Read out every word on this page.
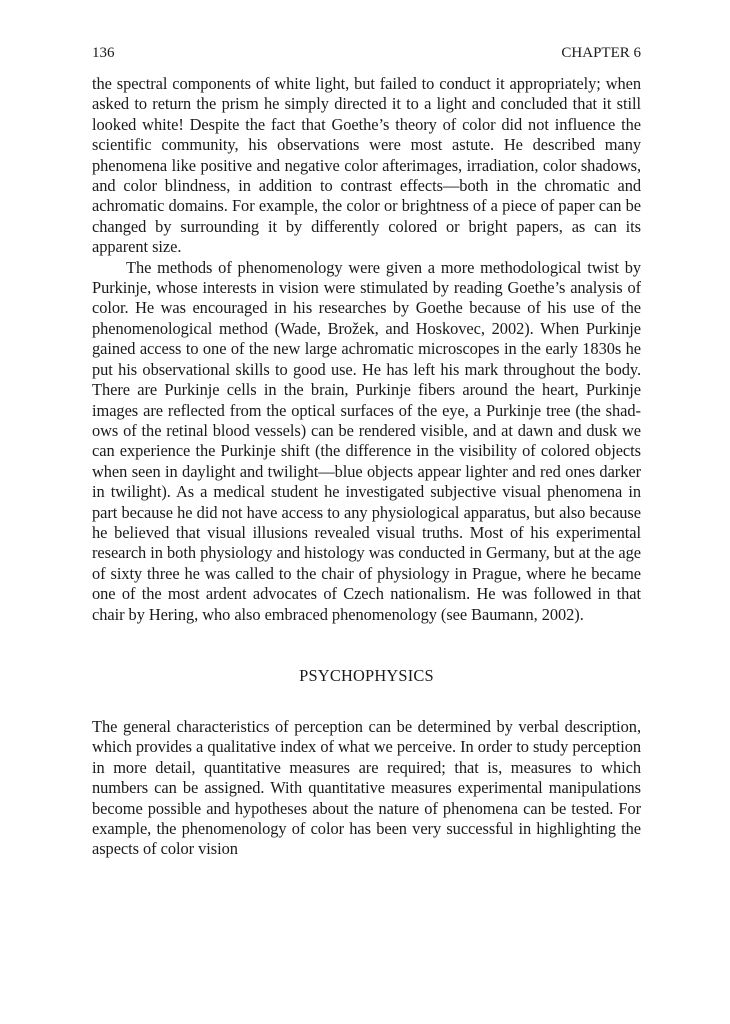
136	CHAPTER 6

the spectral components of white light, but failed to conduct it appropriately; when asked to return the prism he simply directed it to a light and concluded that it still looked white! Despite the fact that Goethe’s theory of color did not influence the scientific community, his observations were most astute. He described many phenomena like positive and negative color afterimages, irradiation, color shadows, and color blindness, in addition to contrast effects—both in the chromatic and achromatic domains. For example, the color or brightness of a piece of paper can be changed by surrounding it by differently colored or bright papers, as can its apparent size.

The methods of phenomenology were given a more methodological twist by Purkinje, whose interests in vision were stimulated by reading Goethe’s analysis of color. He was encouraged in his researches by Goethe because of his use of the phenomenological method (Wade, Brožek, and Hoskovec, 2002). When Purkinje gained access to one of the new large achromatic microscopes in the early 1830s he put his observational skills to good use. He has left his mark throughout the body. There are Purkinje cells in the brain, Purkinje fibers around the heart, Purkinje images are reflected from the optical surfaces of the eye, a Purkinje tree (the shadows of the retinal blood vessels) can be rendered visible, and at dawn and dusk we can experience the Purkinje shift (the difference in the visibility of colored objects when seen in daylight and twilight—blue objects appear lighter and red ones darker in twilight). As a medical student he investigated subjective visual phenomena in part because he did not have access to any physiological apparatus, but also because he believed that visual illusions revealed visual truths. Most of his experimental research in both physiology and histology was conducted in Germany, but at the age of sixty three he was called to the chair of physiology in Prague, where he became one of the most ardent advocates of Czech nationalism. He was followed in that chair by Hering, who also embraced phenomenology (see Baumann, 2002).

PSYCHOPHYSICS

The general characteristics of perception can be determined by verbal description, which provides a qualitative index of what we perceive. In order to study perception in more detail, quantitative measures are required; that is, measures to which numbers can be assigned. With quantitative measures experimental manipulations become possible and hypotheses about the nature of phenomena can be tested. For example, the phenomenology of color has been very successful in highlighting the aspects of color vision
